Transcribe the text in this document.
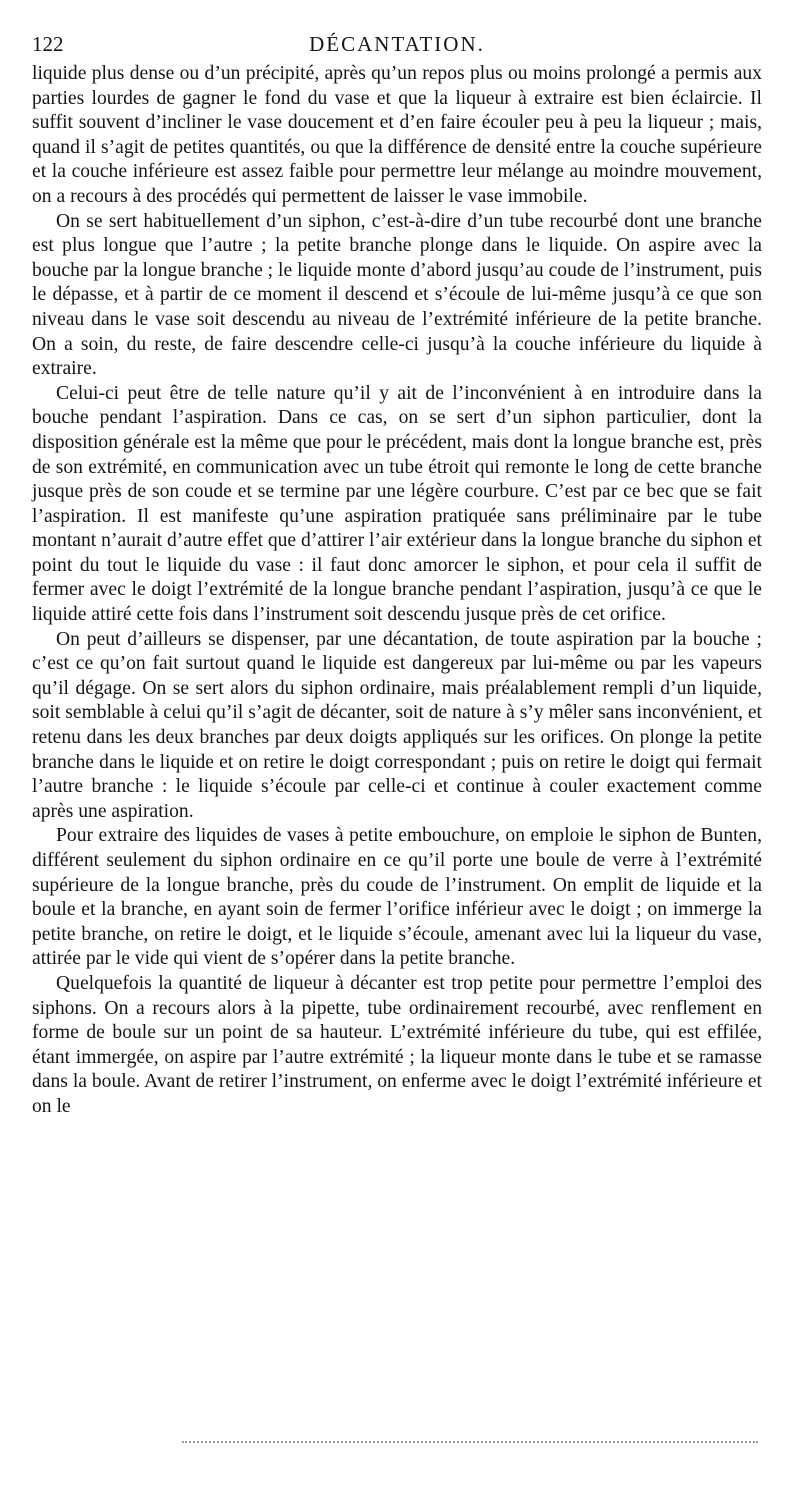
122	DÉCANTATION.

liquide plus dense ou d’un précipité, après qu’un repos plus ou moins prolongé a permis aux parties lourdes de gagner le fond du vase et que la liqueur à extraire est bien éclaircie. Il suffit souvent d’incliner le vase doucement et d’en faire écouler peu à peu la liqueur ; mais, quand il s’agit de petites quantités, ou que la différence de densité entre la couche supérieure et la couche inférieure est assez faible pour permettre leur mélange au moindre mouvement, on a recours à des procédés qui permettent de laisser le vase immobile.

On se sert habituellement d’un siphon, c’est-à-dire d’un tube recourbé dont une branche est plus longue que l’autre ; la petite branche plonge dans le liquide. On aspire avec la bouche par la longue branche ; le liquide monte d’abord jusqu’au coude de l’instrument, puis le dépasse, et à partir de ce moment il descend et s’écoule de lui-même jusqu’à ce que son niveau dans le vase soit descendu au niveau de l’extrémité inférieure de la petite branche. On a soin, du reste, de faire descendre celle-ci jusqu’à la couche inférieure du liquide à extraire.

Celui-ci peut être de telle nature qu’il y ait de l’inconvénient à en introduire dans la bouche pendant l’aspiration. Dans ce cas, on se sert d’un siphon particulier, dont la disposition générale est la même que pour le précédent, mais dont la longue branche est, près de son extrémité, en communication avec un tube étroit qui remonte le long de cette branche jusque près de son coude et se termine par une légère courbure. C’est par ce bec que se fait l’aspiration. Il est manifeste qu’une aspiration pratiquée sans préliminaire par le tube montant n’aurait d’autre effet que d’attirer l’air extérieur dans la longue branche du siphon et point du tout le liquide du vase : il faut donc amorcer le siphon, et pour cela il suffit de fermer avec le doigt l’extrémité de la longue branche pendant l’aspiration, jusqu’à ce que le liquide attiré cette fois dans l’instrument soit descendu jusque près de cet orifice.

On peut d’ailleurs se dispenser, par une décantation, de toute aspiration par la bouche ; c’est ce qu’on fait surtout quand le liquide est dangereux par lui-même ou par les vapeurs qu’il dégage. On se sert alors du siphon ordinaire, mais préalablement rempli d’un liquide, soit semblable à celui qu’il s’agit de décanter, soit de nature à s’y mêler sans inconvénient, et retenu dans les deux branches par deux doigts appliqués sur les orifices. On plonge la petite branche dans le liquide et on retire le doigt correspondant ; puis on retire le doigt qui fermait l’autre branche : le liquide s’écoule par celle-ci et continue à couler exactement comme après une aspiration.

Pour extraire des liquides de vases à petite embouchure, on emploie le siphon de Bunten, différent seulement du siphon ordinaire en ce qu’il porte une boule de verre à l’extrémité supérieure de la longue branche, près du coude de l’instrument. On emplit de liquide et la boule et la branche, en ayant soin de fermer l’orifice inférieur avec le doigt ; on immerge la petite branche, on retire le doigt, et le liquide s’écoule, amenant avec lui la liqueur du vase, attirée par le vide qui vient de s’opérer dans la petite branche.

Quelquefois la quantité de liqueur à décanter est trop petite pour permettre l’emploi des siphons. On a recours alors à la pipette, tube ordinairement recourbé, avec renflement en forme de boule sur un point de sa hauteur. L’extrémité inférieure du tube, qui est effilée, étant immergée, on aspire par l’autre extrémité ; la liqueur monte dans le tube et se ramasse dans la boule. Avant de retirer l’instrument, on enferme avec le doigt l’extrémité inférieure et on le
